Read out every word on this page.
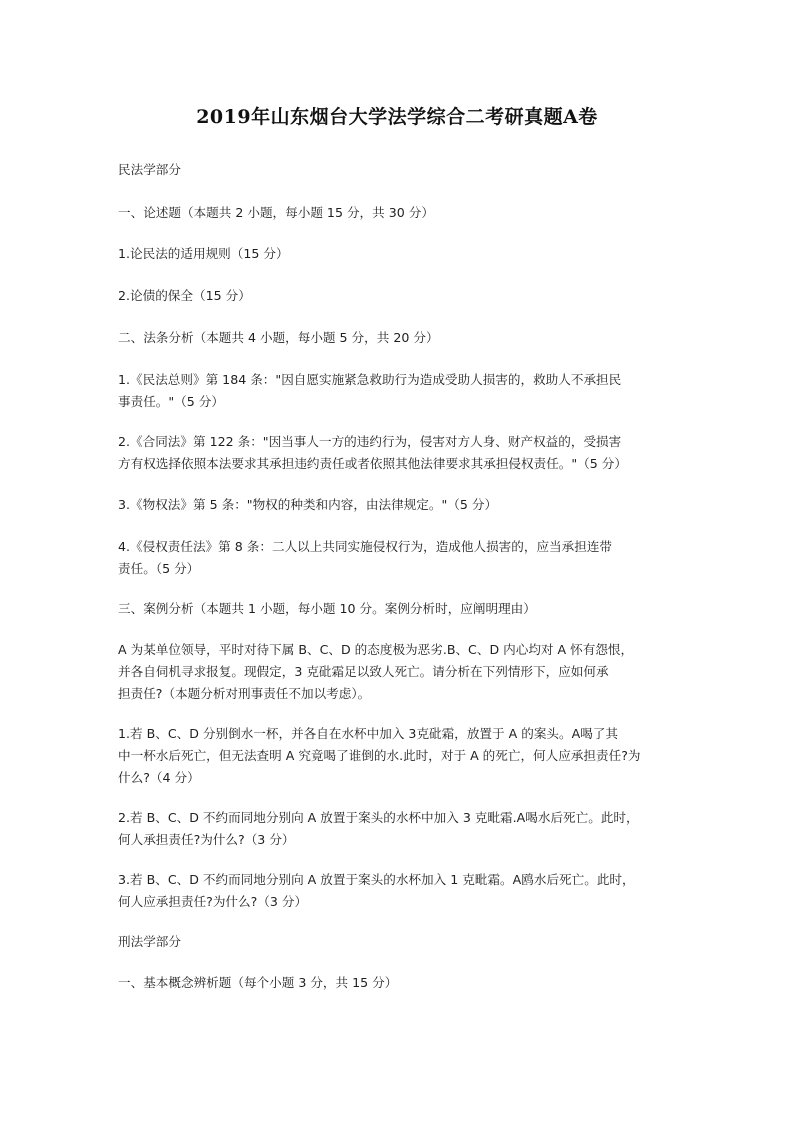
2019年山东烟台大学法学综合二考研真题A卷
民法学部分
一、论述题（本题共 2 小题，每小题 15 分，共 30 分）
1.论民法的适用规则（15 分）
2.论债的保全（15 分）
二、法条分析（本题共 4 小题，每小题 5 分，共 20 分）
1.《民法总则》第 184 条："因自愿实施紧急救助行为造成受助人损害的，救助人不承担民
事责任。"（5 分）
2.《合同法》第 122 条："因当事人一方的违约行为，侵害对方人身、财产权益的，受损害
方有权选择依照本法要求其承担违约责任或者依照其他法律要求其承担侵权责任。"（5 分）
3.《物权法》第 5 条："物权的种类和内容，由法律规定。"（5 分）
4.《侵权责任法》第 8 条：二人以上共同实施侵权行为，造成他人损害的，应当承担连带
责任。（5 分）
三、案例分析（本题共 1 小题，每小题 10 分。案例分析时，应阐明理由）
A 为某单位领导，平时对待下属 B、C、D 的态度极为恶劣.B、C、D 内心均对 A 怀有怨恨，
并各自伺机寻求报复。现假定，3 克砒霜足以致人死亡。请分析在下列情形下，应如何承
担责任?（本题分析对刑事责任不加以考虑）。
1.若 B、C、D 分别倒水一杯，并各自在水杯中加入 3克砒霜，放置于 A 的案头。A喝了其
中一杯水后死亡，但无法查明 A 究竟喝了谁倒的水.此时，对于 A 的死亡，何人应承担责任?为
什么?（4 分）
2.若 B、C、D 不约而同地分别向 A 放置于案头的水杯中加入 3 克毗霜.A喝水后死亡。此时，
何人承担责任?为什么?（3 分）
3.若 B、C、D 不约而同地分别向 A 放置于案头的水杯加入 1 克毗霜。A鸥水后死亡。此时，
何人应承担责任?为什么?（3 分）
刑法学部分
一、基本概念辨析题（每个小题 3 分，共 15 分）
